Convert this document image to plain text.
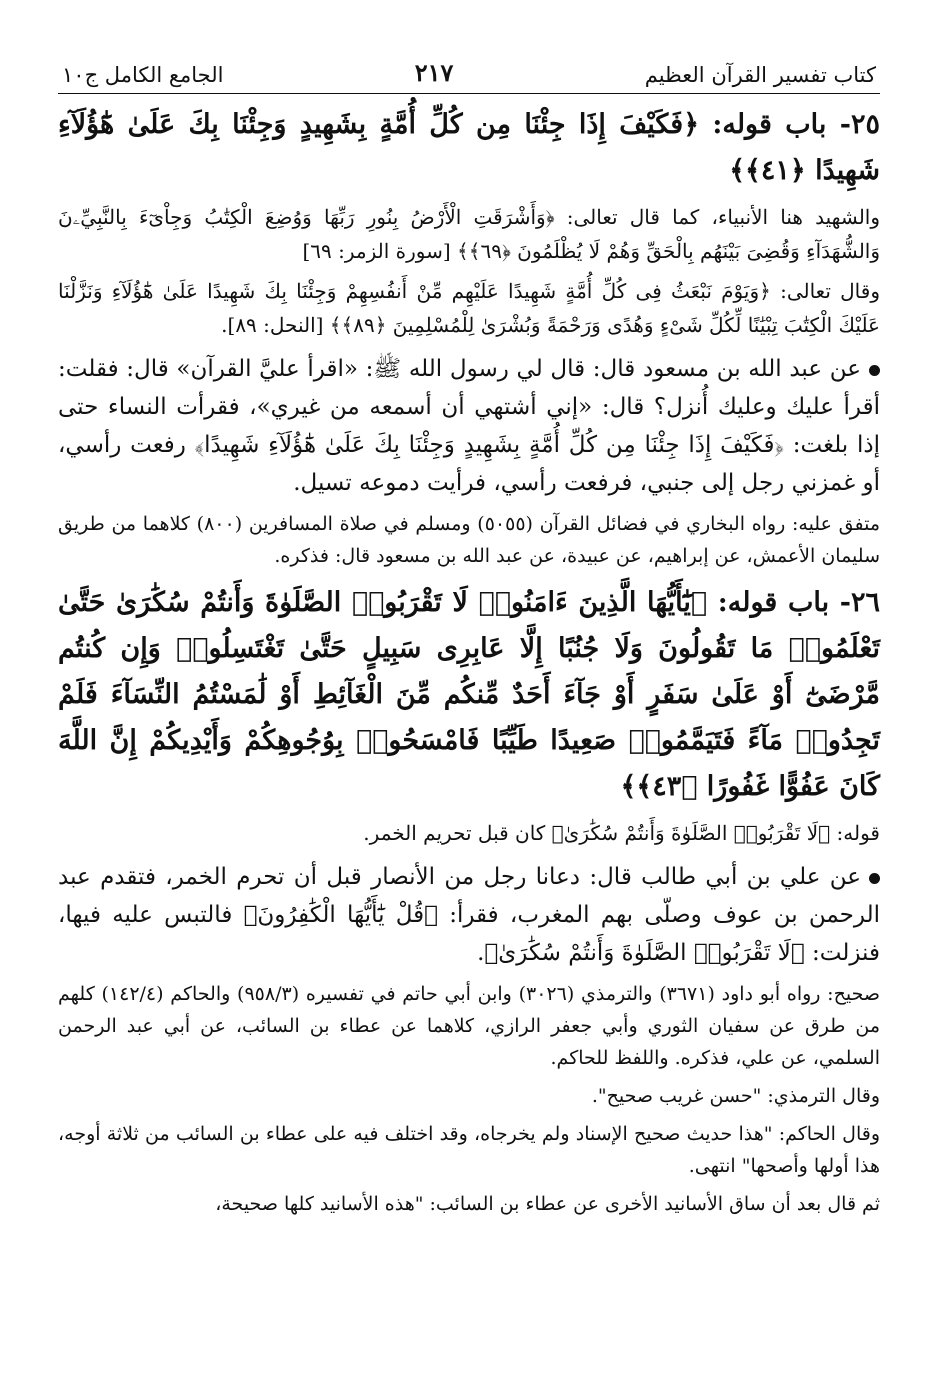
كتاب تفسير القرآن العظيم
٢١٧
الجامع الكامل ج١٠

٢٥- باب قوله: ﴿فَكَيْفَ إِذَا جِئْنَا مِن كُلِّ أُمَّةٍ بِشَهِيدٍ وَجِئْنَا بِكَ عَلَىٰ هَٰٓؤُلَآءِ شَهِيدًا ﴿٤١﴾﴾

والشهيد هنا الأنبياء، كما قال تعالى: ﴿وَأَشْرَقَتِ الْأَرْضُ بِنُورِ رَبِّهَا وَوُضِعَ الْكِتَٰبُ وَجِاْىٓءَ بِالنَّبِيِّۦنَ وَالشُّهَدَآءِ وَقُضِىَ بَيْنَهُم بِالْحَقِّ وَهُمْ لَا يُظْلَمُونَ ﴿٦٩﴾﴾ [سورة الزمر: ٦٩]

وقال تعالى: ﴿وَيَوْمَ نَبْعَثُ فِى كُلِّ أُمَّةٍ شَهِيدًا عَلَيْهِم مِّنْ أَنفُسِهِمْ وَجِئْنَا بِكَ شَهِيدًا عَلَىٰ هَٰٓؤُلَآءِ وَنَزَّلْنَا عَلَيْكَ الْكِتَٰبَ تِبْيَٰنًا لِّكُلِّ شَىْءٍ وَهُدًى وَرَحْمَةً وَبُشْرَىٰ لِلْمُسْلِمِينَ ﴿٨٩﴾﴾ [النحل: ٨٩].

عن عبد الله بن مسعود قال: قال لي رسول الله ﷺ: «اقرأ عليَّ القرآن» قال: فقلت: أقرأ عليك وعليك أُنزل؟ قال: «إني أشتهي أن أسمعه من غيري»، فقرأت النساء حتى إذا بلغت: ﴿فَكَيْفَ إِذَا جِئْنَا مِن كُلِّ أُمَّةٍ بِشَهِيدٍ وَجِئْنَا بِكَ عَلَىٰ هَٰٓؤُلَآءِ شَهِيدًا﴾ رفعت رأسي، أو غمزني رجل إلى جنبي، فرفعت رأسي، فرأيت دموعه تسيل.

متفق عليه: رواه البخاري في فضائل القرآن (٥٠٥٥) ومسلم في صلاة المسافرين (٨٠٠) كلاهما من طريق سليمان الأعمش، عن إبراهيم، عن عبيدة، عن عبد الله بن مسعود قال: فذكره.

٢٦- باب قوله: ﴿يَٰٓأَيُّهَا الَّذِينَ ءَامَنُوا۟ لَا تَقْرَبُوا۟ الصَّلَوٰةَ وَأَنتُمْ سُكَٰرَىٰ حَتَّىٰ تَعْلَمُوا۟ مَا تَقُولُونَ وَلَا جُنُبًا إِلَّا عَابِرِى سَبِيلٍ حَتَّىٰ تَغْتَسِلُوا۟ وَإِن كُنتُم مَّرْضَىٰٓ أَوْ عَلَىٰ سَفَرٍ أَوْ جَآءَ أَحَدٌ مِّنكُم مِّنَ الْغَآئِطِ أَوْ لَٰمَسْتُمُ النِّسَآءَ فَلَمْ تَجِدُوا۟ مَآءً فَتَيَمَّمُوا۟ صَعِيدًا طَيِّبًا فَامْسَحُوا۟ بِوُجُوهِكُمْ وَأَيْدِيكُمْ إِنَّ اللَّهَ كَانَ عَفُوًّا غَفُورًا ﴿٤٣﴾﴾

قوله: ﴿لَا تَقْرَبُوا۟ الصَّلَوٰةَ وَأَنتُمْ سُكَٰرَىٰ﴾ كان قبل تحريم الخمر.

عن علي بن أبي طالب قال: دعانا رجل من الأنصار قبل أن تحرم الخمر، فتقدم عبد الرحمن بن عوف وصلّى بهم المغرب، فقرأ: ﴿قُلْ يَٰٓأَيُّهَا الْكَٰفِرُونَ﴾ فالتبس عليه فيها، فنزلت: ﴿لَا تَقْرَبُوا۟ الصَّلَوٰةَ وَأَنتُمْ سُكَٰرَىٰ﴾.

صحيح: رواه أبو داود (٣٦٧١) والترمذي (٣٠٢٦) وابن أبي حاتم في تفسيره (٩٥٨/٣) والحاكم (١٤٢/٤) كلهم من طرق عن سفيان الثوري وأبي جعفر الرازي، كلاهما عن عطاء بن السائب، عن أبي عبد الرحمن السلمي، عن علي، فذكره. واللفظ للحاكم.

وقال الترمذي: "حسن غريب صحيح".

وقال الحاكم: "هذا حديث صحيح الإسناد ولم يخرجاه، وقد اختلف فيه على عطاء بن السائب من ثلاثة أوجه، هذا أولها وأصحها" انتهى.

ثم قال بعد أن ساق الأسانيد الأخرى عن عطاء بن السائب: "هذه الأسانيد كلها صحيحة،
